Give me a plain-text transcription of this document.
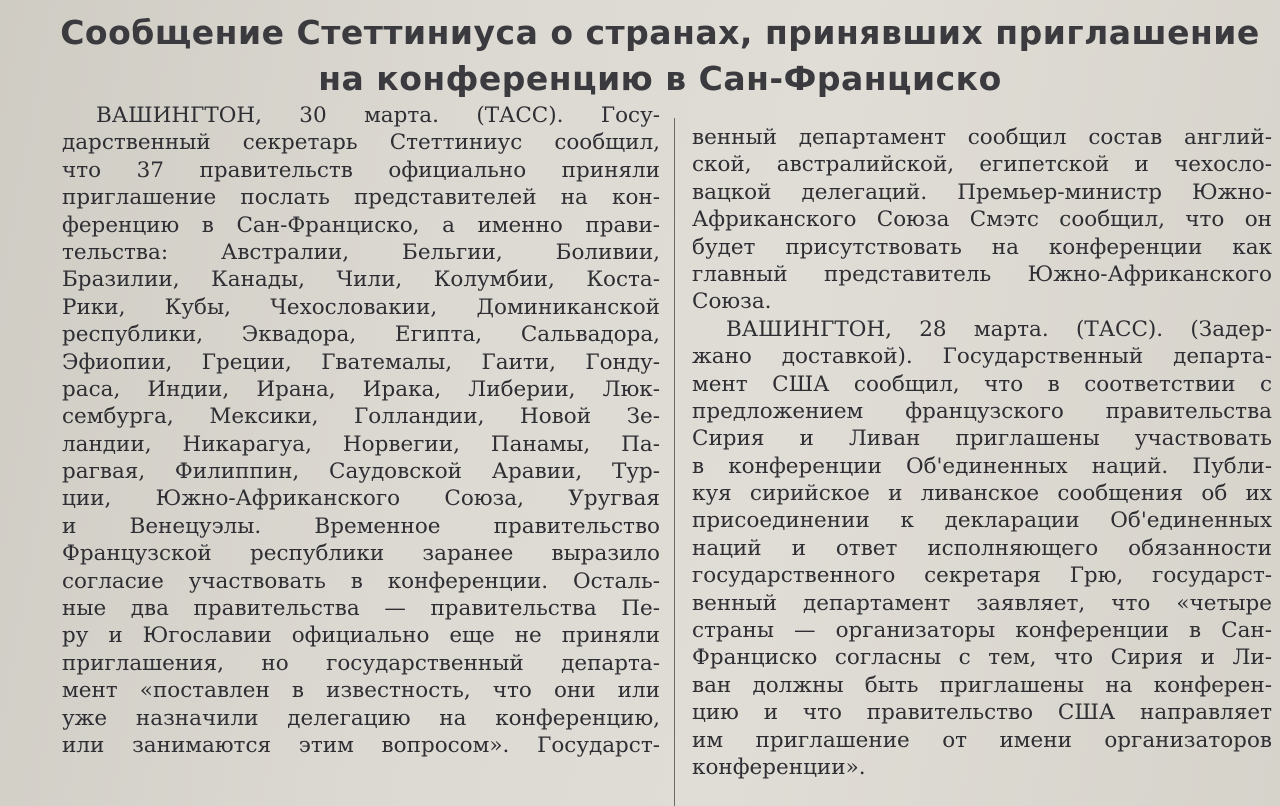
Сообщение Стеттиниуса о странах, принявших приглашение
на конференцию в Сан-Франциско
ВАШИНГТОН, 30 марта. (ТАСС). Госу-
дарственный секретарь Стеттиниус сообщил,
что 37 правительств официально приняли
приглашение послать представителей на кон-
ференцию в Сан-Франциско, а именно прави-
тельства: Австралии, Бельгии, Боливии,
Бразилии, Канады, Чили, Колумбии, Коста-
Рики, Кубы, Чехословакии, Доминиканской
республики, Эквадора, Египта, Сальвадора,
Эфиопии, Греции, Гватемалы, Гаити, Гонду-
раса, Индии, Ирана, Ирака, Либерии, Люк-
сембурга, Мексики, Голландии, Новой Зе-
ландии, Никарагуа, Норвегии, Панамы, Па-
рагвая, Филиппин, Саудовской Аравии, Тур-
ции, Южно-Африканского Союза, Уругвая
и Венецуэлы. Временное правительство
Французской республики заранее выразило
согласие участвовать в конференции. Осталь-
ные два правительства — правительства Пе-
ру и Югославии официально еще не приняли
приглашения, но государственный департа-
мент «поставлен в известность, что они или
уже назначили делегацию на конференцию,
или занимаются этим вопросом». Государст-
венный департамент сообщил состав англий-
ской, австралийской, египетской и чехосло-
вацкой делегаций. Премьер-министр Южно-
Африканского Союза Смэтс сообщил, что он
будет присутствовать на конференции как
главный представитель Южно-Африканского
Союза.
ВАШИНГТОН, 28 марта. (ТАСС). (Задер-
жано доставкой). Государственный департа-
мент США сообщил, что в соответствии с
предложением французского правительства
Сирия и Ливан приглашены участвовать
в конференции Об'единенных наций. Публи-
куя сирийское и ливанское сообщения об их
присоединении к декларации Об'единенных
наций и ответ исполняющего обязанности
государственного секретаря Грю, государст-
венный департамент заявляет, что «четыре
страны — организаторы конференции в Сан-
Франциско согласны с тем, что Сирия и Ли-
ван должны быть приглашены на конферен-
цию и что правительство США направляет
им приглашение от имени организаторов
конференции».
